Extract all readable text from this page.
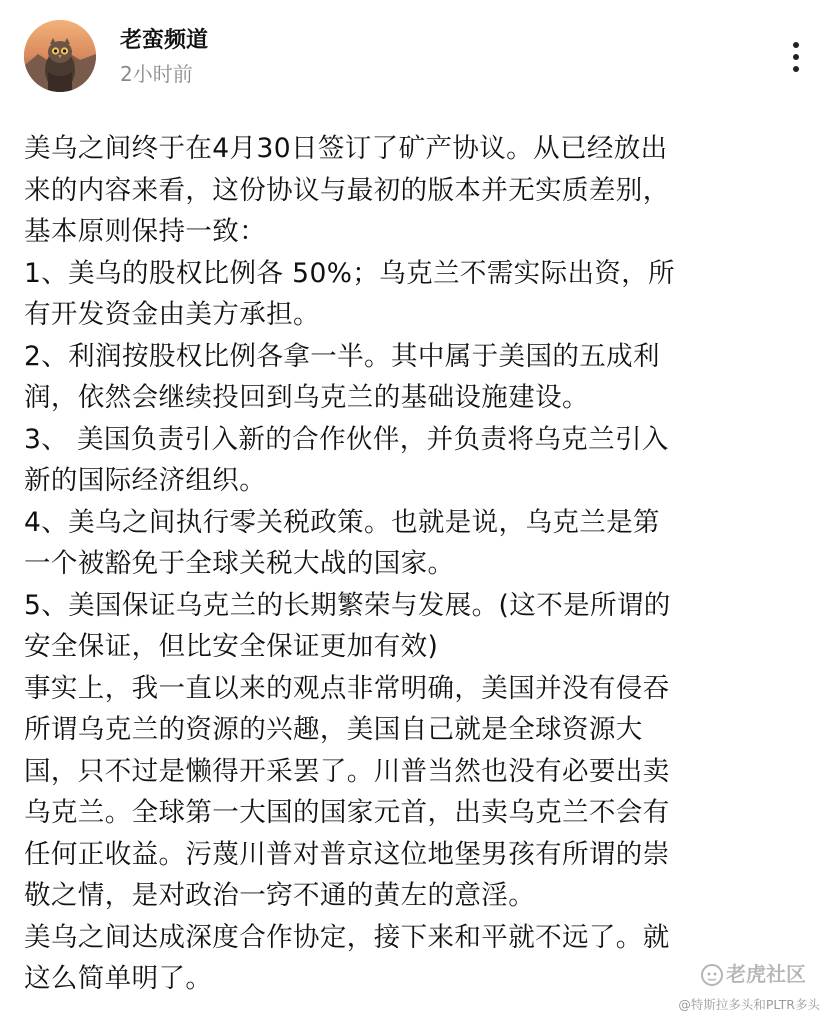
老蛮频道
2小时前
美乌之间终于在4月30日签订了矿产协议。从已经放出
来的内容来看，这份协议与最初的版本并无实质差别，
基本原则保持一致：
1、美乌的股权比例各 50%；乌克兰不需实际出资，所
有开发资金由美方承担。
2、利润按股权比例各拿一半。其中属于美国的五成利
润，依然会继续投回到乌克兰的基础设施建设。
3、 美国负责引入新的合作伙伴，并负责将乌克兰引入
新的国际经济组织。
4、美乌之间执行零关税政策。也就是说，乌克兰是第
一个被豁免于全球关税大战的国家。
5、美国保证乌克兰的长期繁荣与发展。(这不是所谓的
安全保证，但比安全保证更加有效)
事实上，我一直以来的观点非常明确，美国并没有侵吞
所谓乌克兰的资源的兴趣，美国自己就是全球资源大
国，只不过是懒得开采罢了。川普当然也没有必要出卖
乌克兰。全球第一大国的国家元首，出卖乌克兰不会有
任何正收益。污蔑川普对普京这位地堡男孩有所谓的崇
敬之情，是对政治一窍不通的黄左的意淫。
美乌之间达成深度合作协定，接下来和平就不远了。就
这么简单明了。	老虎社区
@特斯拉多头和PLTR多头
